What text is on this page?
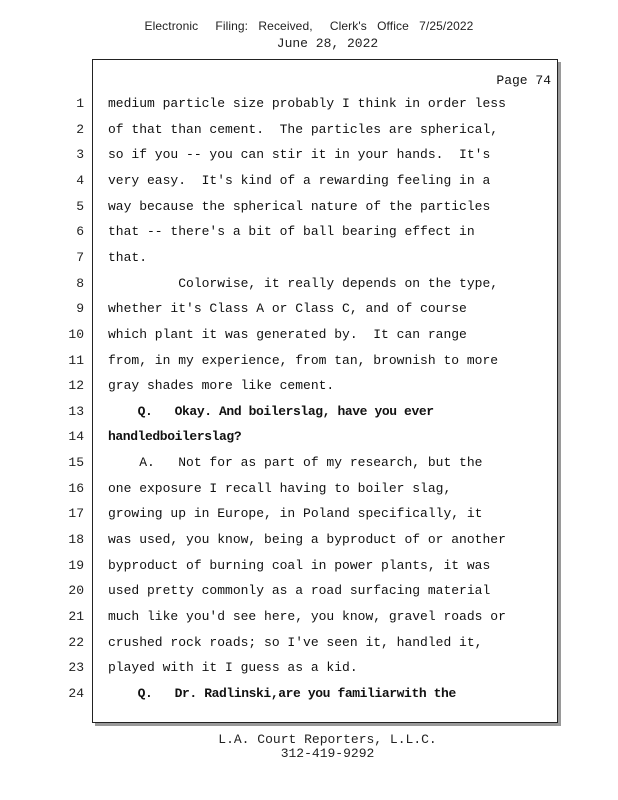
Electronic     Filing:   Received,     Clerk's   Office   7/25/2022
June 28, 2022
Page 74
1 medium particle size probably I think in order less
2 of that than cement.  The particles are spherical,
3 so if you -- you can stir it in your hands.  It's
4 very easy.  It's kind of a rewarding feeling in a
5 way because the spherical nature of the particles
6 that -- there's a bit of ball bearing effect in
7 that.
8 Colorwise, it really depends on the type,
9 whether it's Class A or Class C, and of course
10 which plant it was generated by.  It can range
11 from, in my experience, from tan, brownish to more
12 gray shades more like cement.
13 Q.   Okay. And boilerslag, have you ever
14 handledboilerslag?
15 A.   Not for as part of my research, but the
16 one exposure I recall having to boiler slag,
17 growing up in Europe, in Poland specifically, it
18 was used, you know, being a byproduct of or another
19 byproduct of burning coal in power plants, it was
20 used pretty commonly as a road surfacing material
21 much like you'd see here, you know, gravel roads or
22 crushed rock roads; so I've seen it, handled it,
23 played with it I guess as a kid.
24 Q.   Dr. Radlinski,are you familiarwith the
L.A. Court Reporters, L.L.C.
312-419-9292
